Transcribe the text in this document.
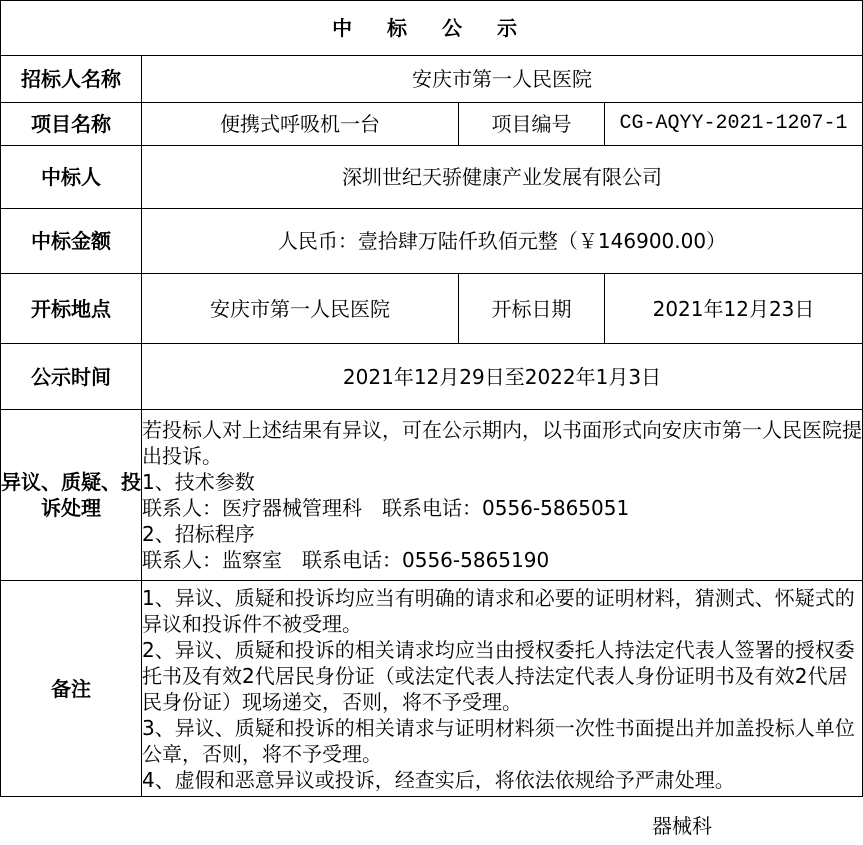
中 标 公 示			
招标人名称	安庆市第一人民医院		
项目名称	便携式呼吸机一台	项目编号	CG-AQYY-2021-1207-1
中标人	深圳世纪天骄健康产业发展有限公司		
中标金额	人民币：壹拾肆万陆仟玖佰元整（￥146900.00）		
开标地点	安庆市第一人民医院	开标日期	2021年12月23日
公示时间	2021年12月29日至2022年1月3日		
异议、质疑、投诉处理	若投标人对上述结果有异议，可在公示期内，以书面形式向安庆市第一人民医院提出投诉。
1、技术参数
联系人：医疗器械管理科　联系电话：0556-5865051
2、招标程序
联系人：监察室　联系电话：0556-5865190		

备注	1、异议、质疑和投诉均应当有明确的请求和必要的证明材料，猜测式、怀疑式的异议和投诉件不被受理。
2、异议、质疑和投诉的相关请求均应当由授权委托人持法定代表人签署的授权委托书及有效2代居民身份证（或法定代表人持法定代表人身份证明书及有效2代居民身份证）现场递交，否则，将不予受理。
3、异议、质疑和投诉的相关请求与证明材料须一次性书面提出并加盖投标人单位公章，否则，将不予受理。
4、虚假和恶意异议或投诉，经查实后，将依法依规给予严肃处理。		
器械科
